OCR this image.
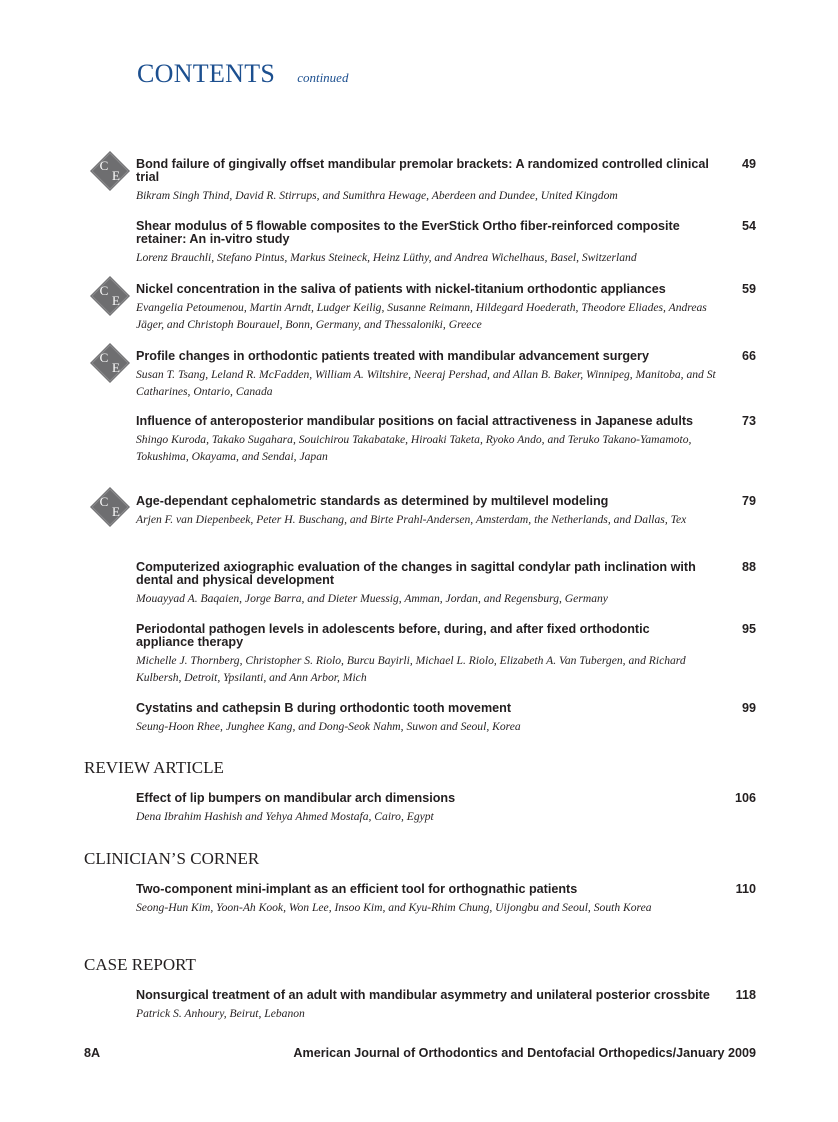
CONTENTS continued
C
E
C
E
C
E
C
E
Bond failure of gingivally offset mandibular premolar brackets: A randomized controlled clinical trial
Bikram Singh Thind, David R. Stirrups, and Sumithra Hewage, Aberdeen and Dundee, United Kingdom
49
Shear modulus of 5 flowable composites to the EverStick Ortho fiber-reinforced composite retainer: An in-vitro study
Lorenz Brauchli, Stefano Pintus, Markus Steineck, Heinz Lüthy, and Andrea Wichelhaus, Basel, Switzerland
54
Nickel concentration in the saliva of patients with nickel-titanium orthodontic appliances
Evangelia Petoumenou, Martin Arndt, Ludger Keilig, Susanne Reimann, Hildegard Hoederath, Theodore Eliades, Andreas Jäger, and Christoph Bourauel, Bonn, Germany, and Thessaloniki, Greece
59
Profile changes in orthodontic patients treated with mandibular advancement surgery
Susan T. Tsang, Leland R. McFadden, William A. Wiltshire, Neeraj Pershad, and Allan B. Baker, Winnipeg, Manitoba, and St Catharines, Ontario, Canada
66
Influence of anteroposterior mandibular positions on facial attractiveness in Japanese adults
Shingo Kuroda, Takako Sugahara, Souichirou Takabatake, Hiroaki Taketa, Ryoko Ando, and Teruko Takano-Yamamoto, Tokushima, Okayama, and Sendai, Japan
73
Age-dependant cephalometric standards as determined by multilevel modeling
Arjen F. van Diepenbeek, Peter H. Buschang, and Birte Prahl-Andersen, Amsterdam, the Netherlands, and Dallas, Tex
79
Computerized axiographic evaluation of the changes in sagittal condylar path inclination with dental and physical development
Mouayyad A. Baqaien, Jorge Barra, and Dieter Muessig, Amman, Jordan, and Regensburg, Germany
88
Periodontal pathogen levels in adolescents before, during, and after fixed orthodontic appliance therapy
Michelle J. Thornberg, Christopher S. Riolo, Burcu Bayirli, Michael L. Riolo, Elizabeth A. Van Tubergen, and Richard Kulbersh, Detroit, Ypsilanti, and Ann Arbor, Mich
95
Cystatins and cathepsin B during orthodontic tooth movement
Seung-Hoon Rhee, Junghee Kang, and Dong-Seok Nahm, Suwon and Seoul, Korea
99
REVIEW ARTICLE
Effect of lip bumpers on mandibular arch dimensions
Dena Ibrahim Hashish and Yehya Ahmed Mostafa, Cairo, Egypt
106
CLINICIAN’S CORNER
Two-component mini-implant as an efficient tool for orthognathic patients
Seong-Hun Kim, Yoon-Ah Kook, Won Lee, Insoo Kim, and Kyu-Rhim Chung, Uijongbu and Seoul, South Korea
110
CASE REPORT
Nonsurgical treatment of an adult with mandibular asymmetry and unilateral posterior crossbite
Patrick S. Anhoury, Beirut, Lebanon
118
8A	American Journal of Orthodontics and Dentofacial Orthopedics/January 2009
